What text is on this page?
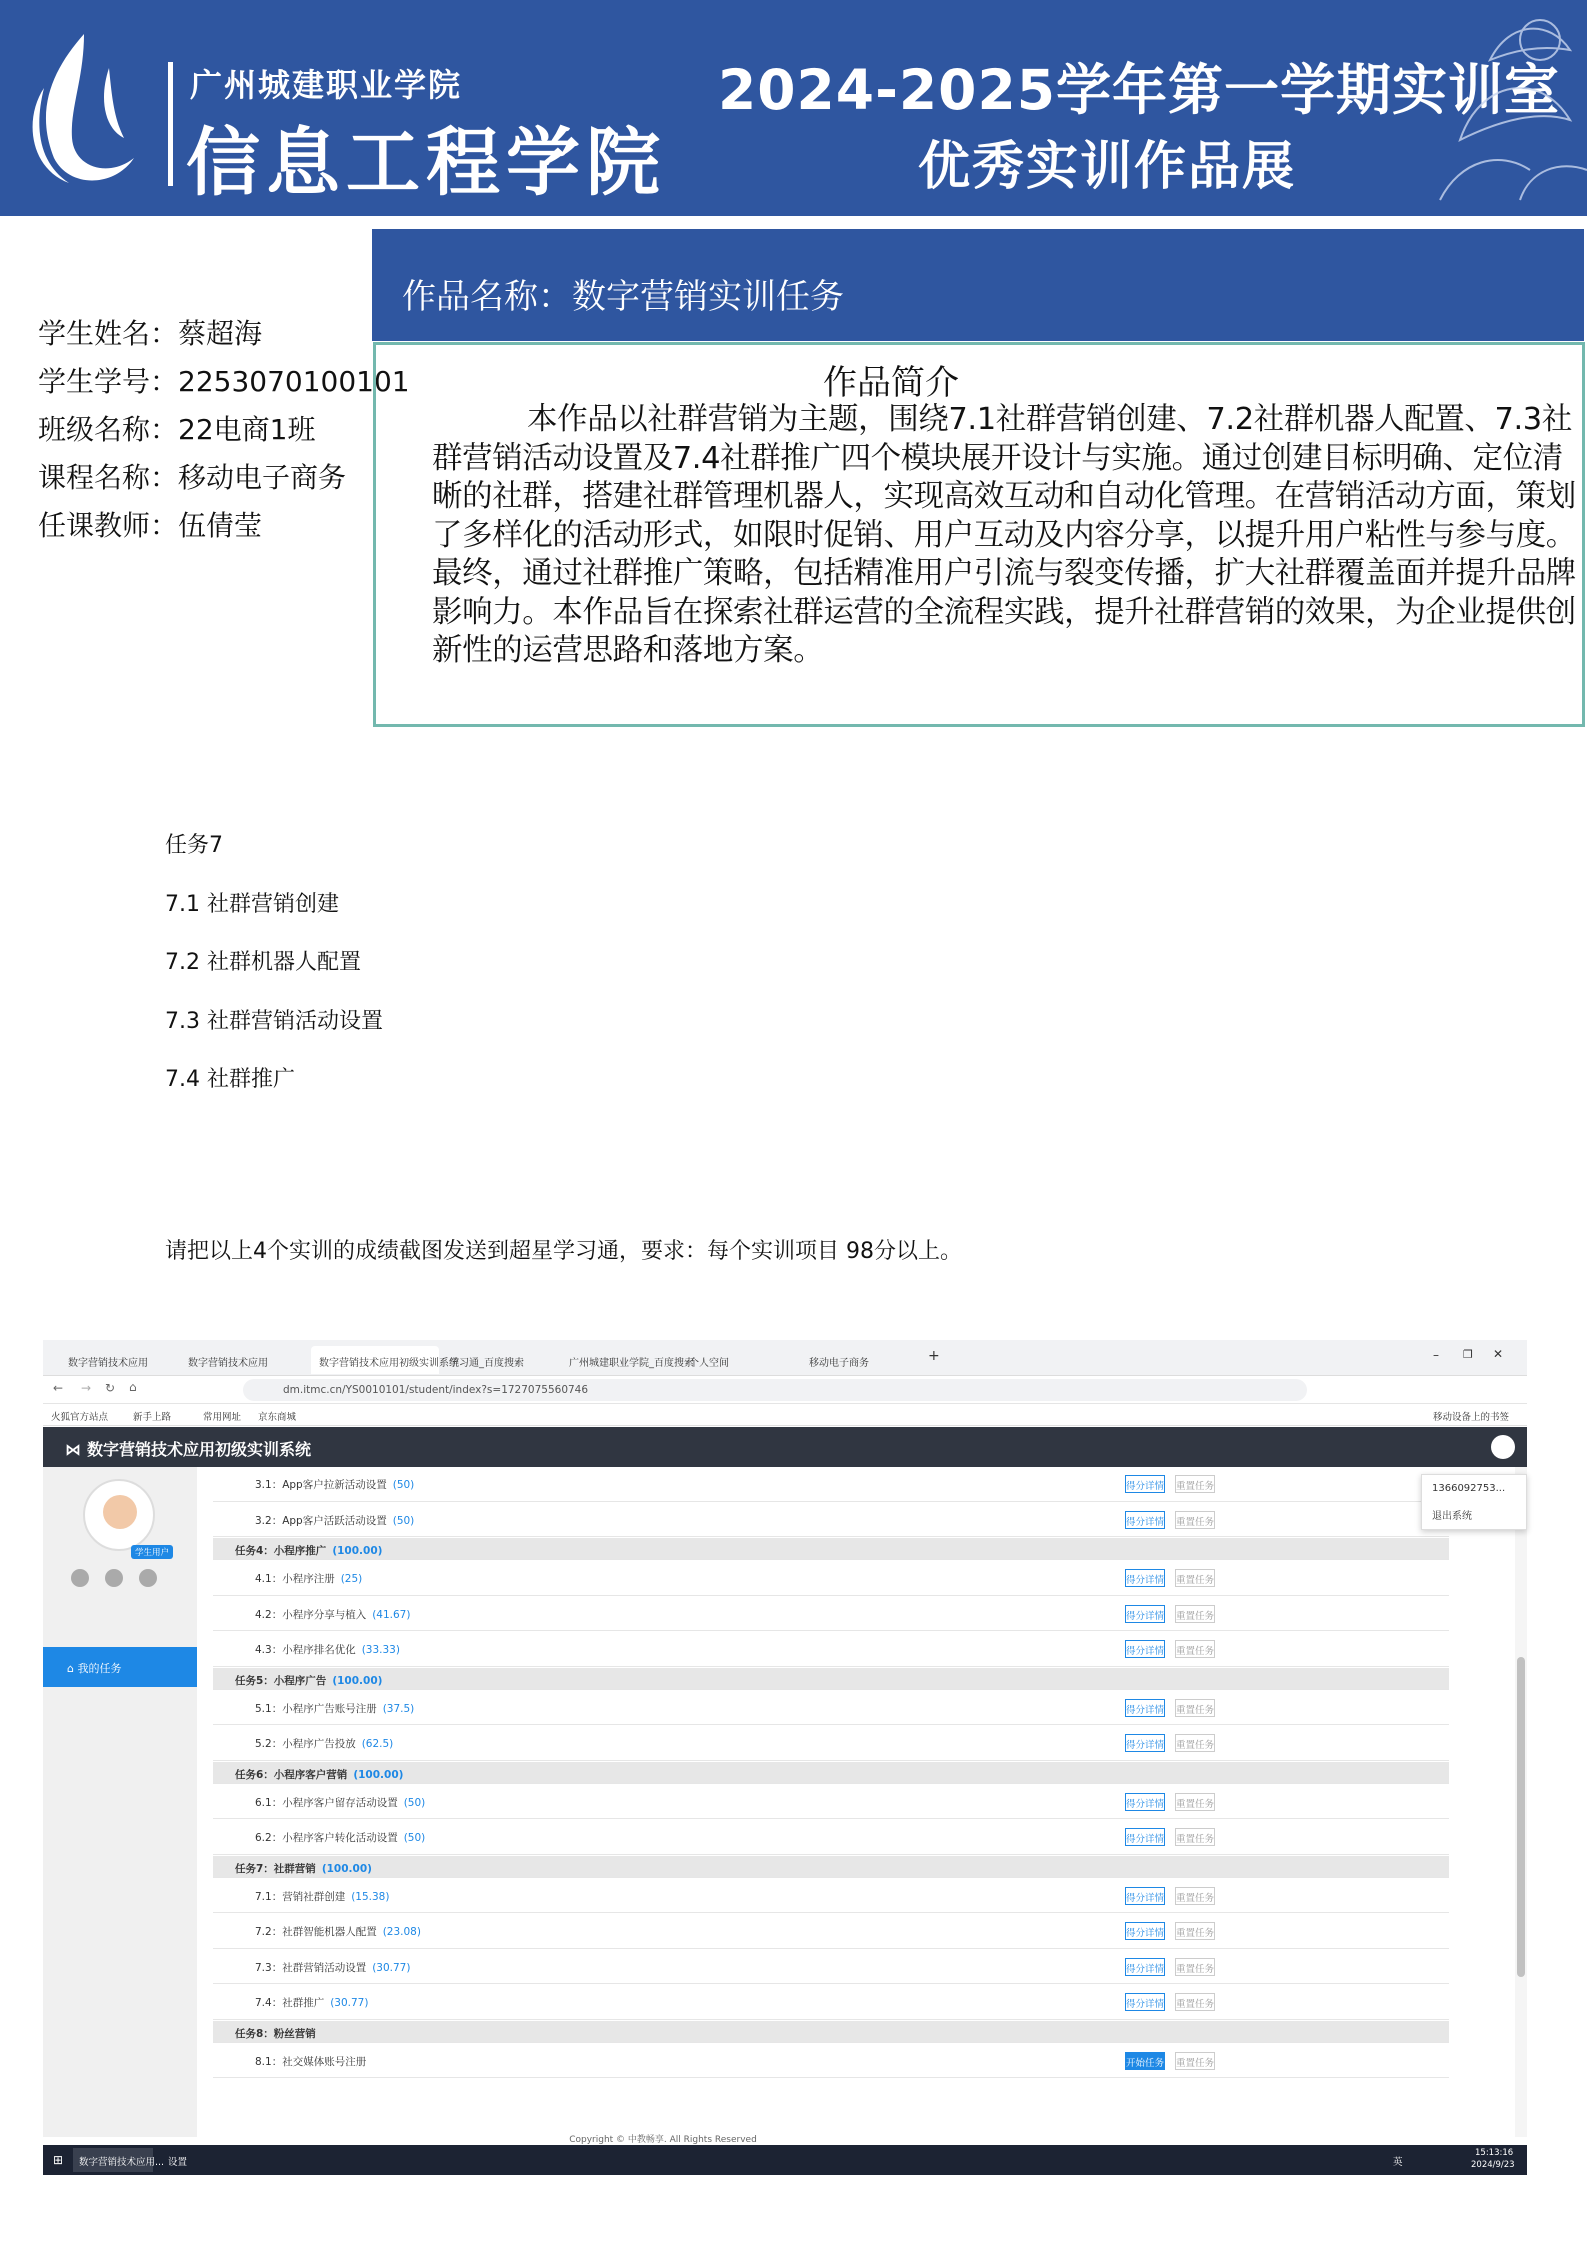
广州城建职业学院
信息工程学院
2024-2025学年第一学期实训室
优秀实训作品展
学生姓名：蔡超海
学生学号：2253070100101
班级名称：22电商1班
课程名称：移动电子商务
任课教师：伍倩莹
作品名称：数字营销实训任务
作品简介
本作品以社群营销为主题，围绕7.1社群营销创建、7.2社群机器人配置、7.3社群营销活动设置及7.4社群推广四个模块展开设计与实施。通过创建目标明确、定位清晰的社群，搭建社群管理机器人，实现高效互动和自动化管理。在营销活动方面，策划了多样化的活动形式，如限时促销、用户互动及内容分享，以提升用户粘性与参与度。最终，通过社群推广策略，包括精准用户引流与裂变传播，扩大社群覆盖面并提升品牌影响力。本作品旨在探索社群运营的全流程实践，提升社群营销的效果，为企业提供创新性的运营思路和落地方案。
任务7
7.1 社群营销创建
7.2 社群机器人配置
7.3 社群营销活动设置
7.4 社群推广
请把以上4个实训的成绩截图发送到超星学习通，要求：每个实训项目 98分以上。
数字营销技术应用	数字营销技术应用	数字营销技术应用初级实训系统
学习通_百度搜索	广州城建职业学院_百度搜索
个人空间	移动电子商务	+	– ❐ ✕
← → ↻ ⌂	dm.itmc.cn/YS0010101/student/index?s=1727075560746
火狐官方站点	新手上路	常用网址 京东商城	移动设备上的书签
⋈ 数字营销技术应用初级实训系统
学生用户
⌂ 我的任务
3.1：App客户拉新活动设置 (50)	得分详情 重置任务
3.2：App客户活跃活动设置 (50)	得分详情 重置任务
任务4：小程序推广 (100.00)
4.1：小程序注册 (25)	得分详情 重置任务
4.2：小程序分享与植入 (41.67)	得分详情 重置任务
4.3：小程序排名优化 (33.33)	得分详情 重置任务
任务5：小程序广告 (100.00)
5.1：小程序广告账号注册 (37.5)	得分详情 重置任务
5.2：小程序广告投放 (62.5)	得分详情 重置任务
任务6：小程序客户营销 (100.00)
6.1：小程序客户留存活动设置 (50)	得分详情 重置任务
6.2：小程序客户转化活动设置 (50)	得分详情 重置任务
任务7：社群营销 (100.00)
7.1：营销社群创建 (15.38)	得分详情 重置任务
7.2：社群智能机器人配置 (23.08)	得分详情 重置任务
7.3：社群营销活动设置 (30.77)	得分详情 重置任务
7.4：社群推广 (30.77)	得分详情 重置任务
任务8：粉丝营销
8.1：社交媒体账号注册	开始任务 重置任务
1366092753...
退出系统
Copyright © 中教畅享. All Rights Reserved
⊞	数字营销技术应用... 设置	英
15:13:16
2024/9/23
